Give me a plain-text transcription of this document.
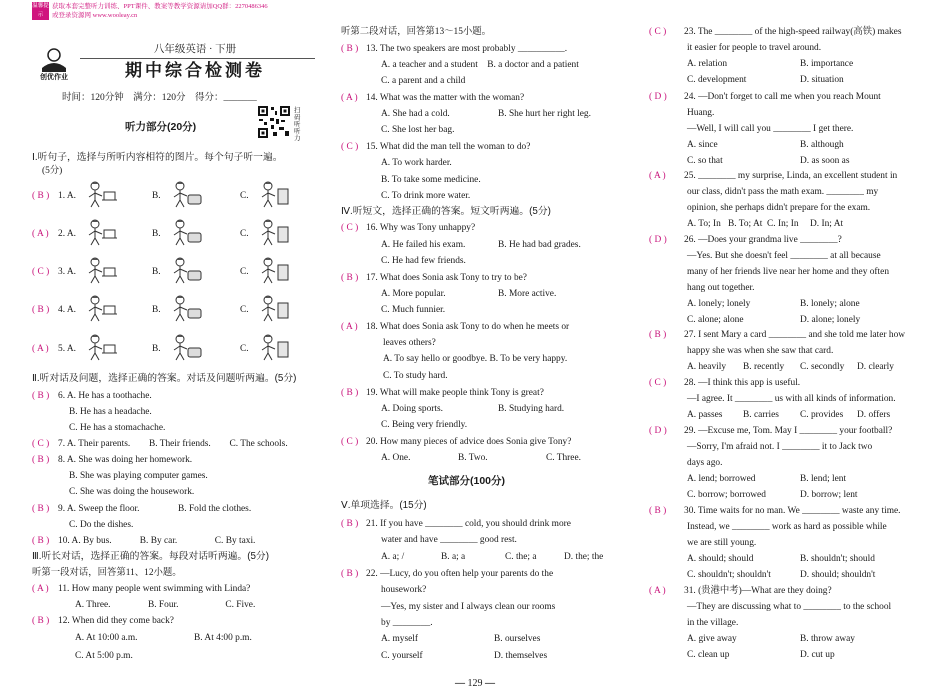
温馨提示
获取本套完整听力训练、PPT课件、教案等教学资源请加QQ群：2270486346
或登录资源网 www.wooleay.cn
创优作业
八年级英语 · 下册
期中综合检测卷
时间：120分钟　满分：120分　得分：_______
听力部分(20分)
扫码听听力
Ⅰ.听句子，选择与所听内容相符的图片。每个句子听一遍。
(5分)
( B ) 1. A.	B.	C.
( A ) 2. A.	B.	C.
( C ) 3. A.	B.	C.
( B ) 4. A.	B.	C.
( A ) 5. A.	B.	C.
Ⅱ.听对话及问题，选择正确的答案。对话及问题听两遍。(5分)
( B ) 6. A. He has a toothache.
B. He has a headache.
C. He has a stomachache.
( C ) 7. A. Their parents.　　B. Their friends.　　C. The schools.
( B ) 8. A. She was doing her homework.
B. She was playing computer games.
C. She was doing the housework.
( B ) 9. A. Sweep the floor.	B. Fold the clothes.
C. Do the dishes.
( B ) 10. A. By bus.　　　B. By car.　　　　C. By taxi.
Ⅲ.听长对话，选择正确的答案。每段对话听两遍。(5分)
听第一段对话，回答第11、12小题。
( A ) 11. How many people went swimming with Linda?
A. Three.　　　　B. Four.　　　　　C. Five.
( B ) 12. When did they come back?
A. At 10:00 a.m.	B. At 4:00 p.m.
C. At 5:00 p.m.
听第二段对话，回答第13～15小题。
( B ) 13. The two speakers are most probably __________.
A. a teacher and a student　B. a doctor and a patient
C. a parent and a child
( A ) 14. What was the matter with the woman?
A. She had a cold.	B. She hurt her right leg.
C. She lost her bag.
( C ) 15. What did the man tell the woman to do?
A. To work harder.
B. To take some medicine.
C. To drink more water.
Ⅳ.听短文，选择正确的答案。短文听两遍。(5分)
( C ) 16. Why was Tony unhappy?
A. He failed his exam.	B. He had bad grades.
C. He had few friends.
( B ) 17. What does Sonia ask Tony to try to be?
A. More popular.	B. More active.
C. Much funnier.
( A ) 18. What does Sonia ask Tony to do when he meets or
leaves others?
A. To say hello or goodbye. B. To be very happy.
C. To study hard.
( B ) 19. What will make people think Tony is great?
A. Doing sports.	B. Studying hard.
C. Being very friendly.
( C ) 20. How many pieces of advice does Sonia give Tony?
A. One.	B. Two.	C. Three.
笔试部分(100分)
Ⅴ.单项选择。(15分)
( B ) 21. If you have ________ cold, you should drink more
water and have ________ good rest.
A. a; /	B. a; a	C. the; a	D. the; the
( B ) 22. —Lucy, do you often help your parents do the
housework?
—Yes, my sister and I always clean our rooms
by ________.
A. myself	B. ourselves
C. yourself	D. themselves
( C ) 23. The ________ of the high-speed railway(高铁) makes
it easier for people to travel around.
A. relation	B. importance
C. development	D. situation
( D ) 24. —Don't forget to call me when you reach Mount
Huang.
—Well, I will call you ________ I get there.
A. since	B. although
C. so that	D. as soon as
( A ) 25. ________ my surprise, Linda, an excellent student in
our class, didn't pass the math exam. ________ my
opinion, she perhaps didn't prepare for the exam.
A. To; In B. To; At C. In; In D. In; At
( D ) 26. —Does your grandma live ________?
—Yes. But she doesn't feel ________ at all because
many of her friends live near her home and they often
hang out together.
A. lonely; lonely	B. lonely; alone
C. alone; alone	D. alone; lonely
( B ) 27. I sent Mary a card ________ and she told me later how
happy she was when she saw that card.
A. heavily B. recently C. secondly D. clearly
( C ) 28. —I think this app is useful.
—I agree. It ________ us with all kinds of information.
A. passes B. carries C. provides D. offers
( D ) 29. —Excuse me, Tom. May I ________ your football?
—Sorry, I'm afraid not. I ________ it to Jack two
days ago.
A. lend; borrowed	B. lend; lent
C. borrow; borrowed	D. borrow; lent
( B ) 30. Time waits for no man. We ________ waste any time.
Instead, we ________ work as hard as possible while
we are still young.
A. should; should	B. shouldn't; should
C. shouldn't; shouldn't	D. should; shouldn't
( A ) 31. (贵港中考)—What are they doing?
—They are discussing what to ________ to the school
in the village.
A. give away	B. throw away
C. clean up	D. cut up
— 129 —
